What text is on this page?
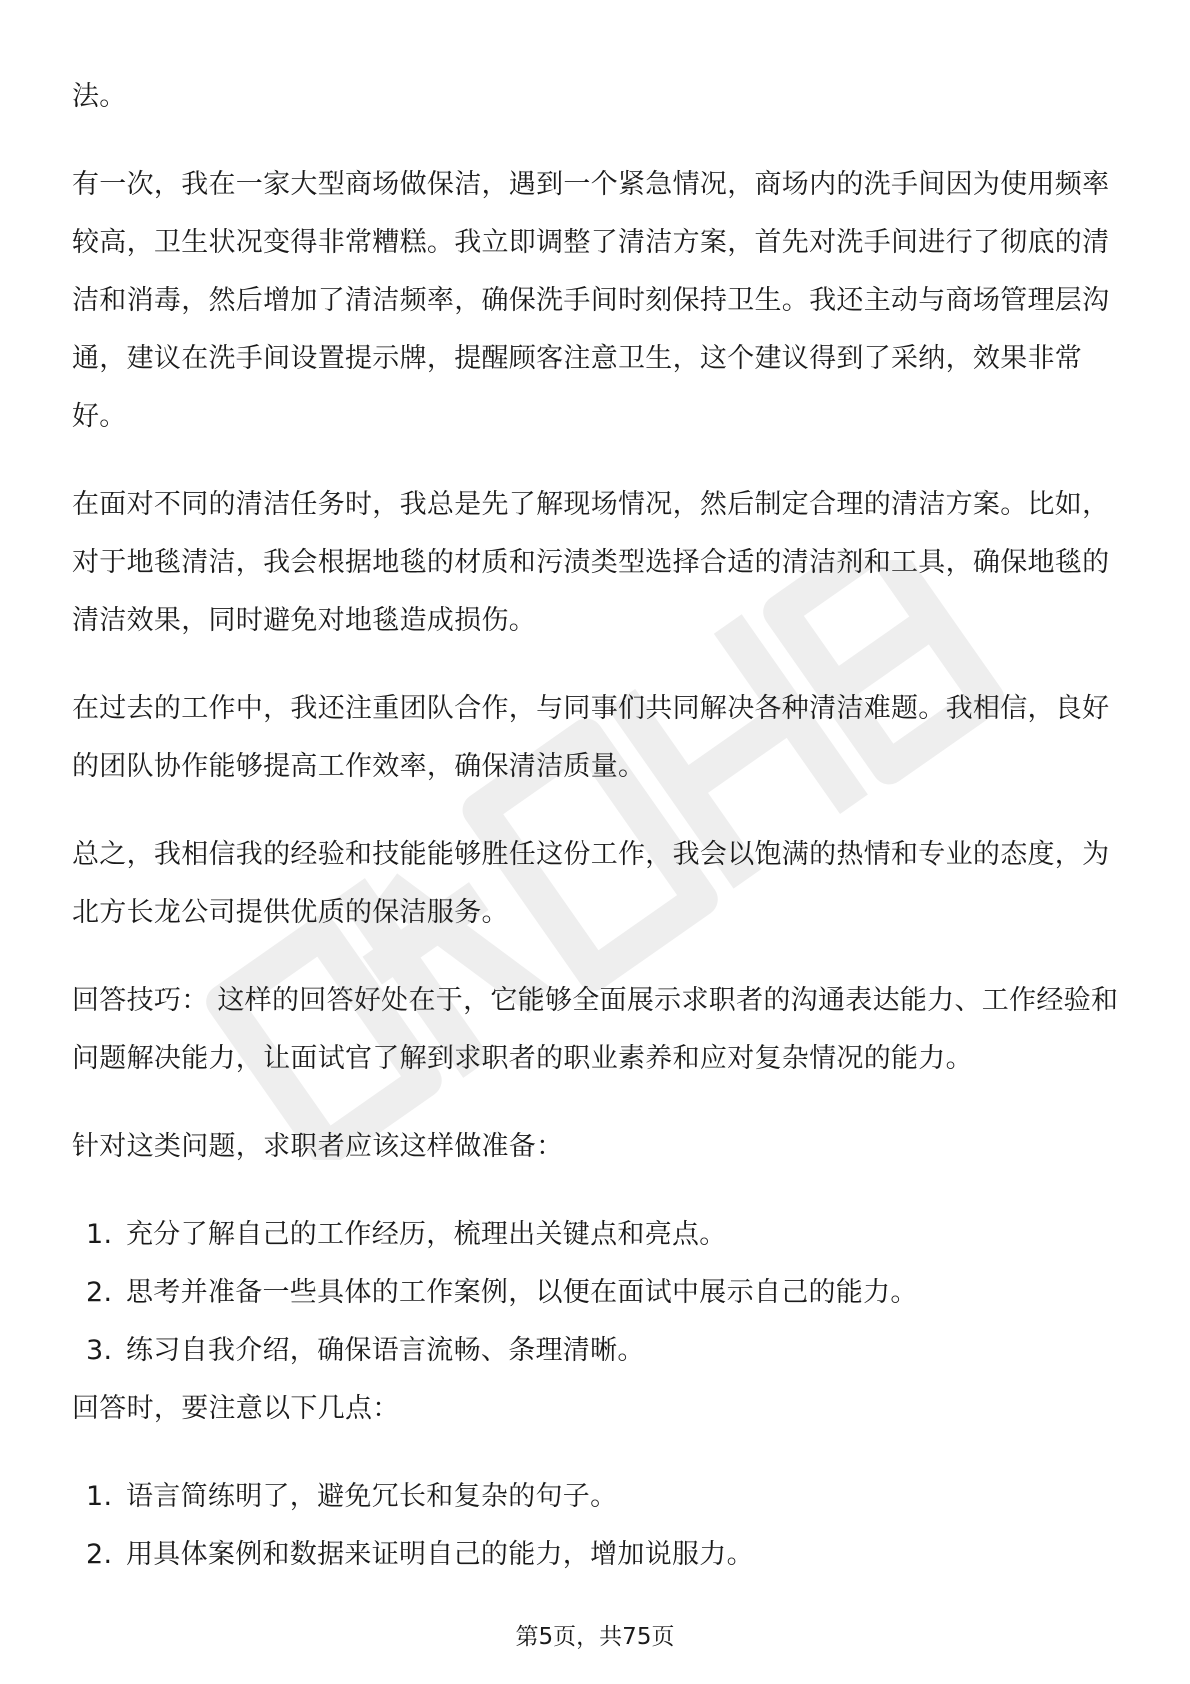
法。

有一次，我在一家大型商场做保洁，遇到一个紧急情况，商场内的洗手间因为使用频率较高，卫生状况变得非常糟糕。我立即调整了清洁方案，首先对洗手间进行了彻底的清洁和消毒，然后增加了清洁频率，确保洗手间时刻保持卫生。我还主动与商场管理层沟通，建议在洗手间设置提示牌，提醒顾客注意卫生，这个建议得到了采纳，效果非常好。

在面对不同的清洁任务时，我总是先了解现场情况，然后制定合理的清洁方案。比如，对于地毯清洁，我会根据地毯的材质和污渍类型选择合适的清洁剂和工具，确保地毯的清洁效果，同时避免对地毯造成损伤。

在过去的工作中，我还注重团队合作，与同事们共同解决各种清洁难题。我相信，良好的团队协作能够提高工作效率，确保清洁质量。

总之，我相信我的经验和技能能够胜任这份工作，我会以饱满的热情和专业的态度，为北方长龙公司提供优质的保洁服务。

回答技巧： 这样的回答好处在于，它能够全面展示求职者的沟通表达能力、工作经验和问题解决能力，让面试官了解到求职者的职业素养和应对复杂情况的能力。

针对这类问题，求职者应该这样做准备：

1. 充分了解自己的工作经历，梳理出关键点和亮点。
2. 思考并准备一些具体的工作案例，以便在面试中展示自己的能力。
3. 练习自我介绍，确保语言流畅、条理清晰。

回答时，要注意以下几点：

1. 语言简练明了，避免冗长和复杂的句子。
2. 用具体案例和数据来证明自己的能力，增加说服力。
第5页，共75页
